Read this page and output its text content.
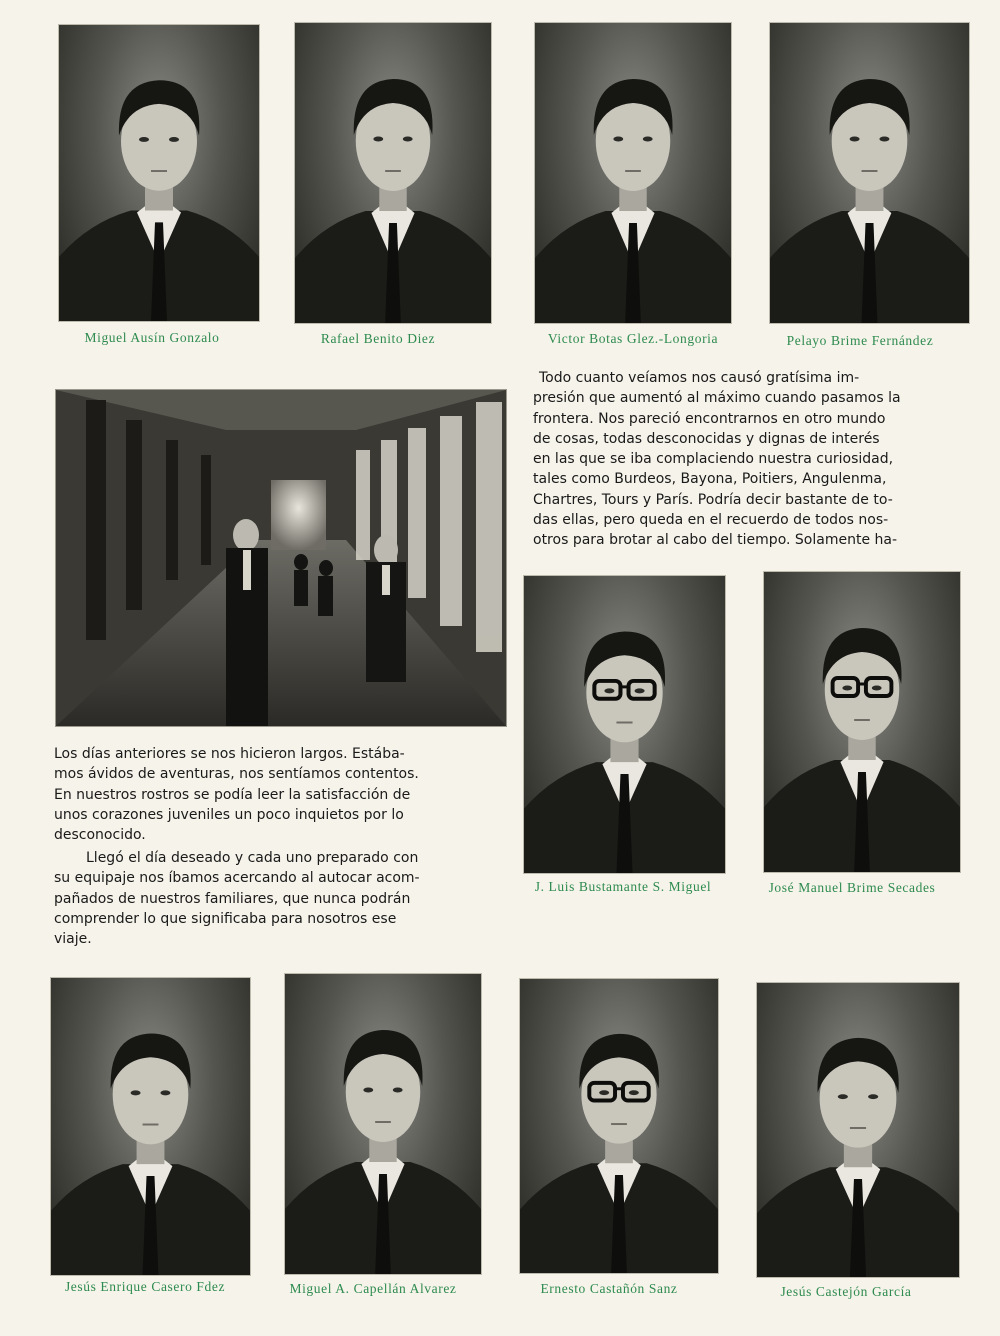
Miguel Ausín Gonzalo	Rafael Benito Diez	Victor Botas Glez.-Longoria	Pelayo Brime Fernández
Todo cuanto veíamos nos causó gratísima im-
presión que aumentó al máximo cuando pasamos la
frontera. Nos pareció encontrarnos en otro mundo
de cosas, todas desconocidas y dignas de interés
en las que se iba complaciendo nuestra curiosidad,
tales como Burdeos, Bayona, Poitiers, Angulenma,
Chartres, Tours y París. Podría decir bastante de to-
das ellas, pero queda en el recuerdo de todos nos-
otros para brotar al cabo del tiempo. Solamente ha-
J. Luis Bustamante S. Miguel	José Manuel Brime Secades
Los días anteriores se nos hicieron largos. Estába-
mos ávidos de aventuras, nos sentíamos contentos.
En nuestros rostros se podía leer la satisfacción de
unos corazones juveniles un poco inquietos por lo
desconocido.
Llegó el día deseado y cada uno preparado con
su equipaje nos íbamos acercando al autocar acom-
pañados de nuestros familiares, que nunca podrán
comprender lo que significaba para nosotros ese
viaje.
Jesús Enrique Casero Fdez	Miguel A. Capellán Alvarez	Ernesto Castañón Sanz	Jesús Castejón García
